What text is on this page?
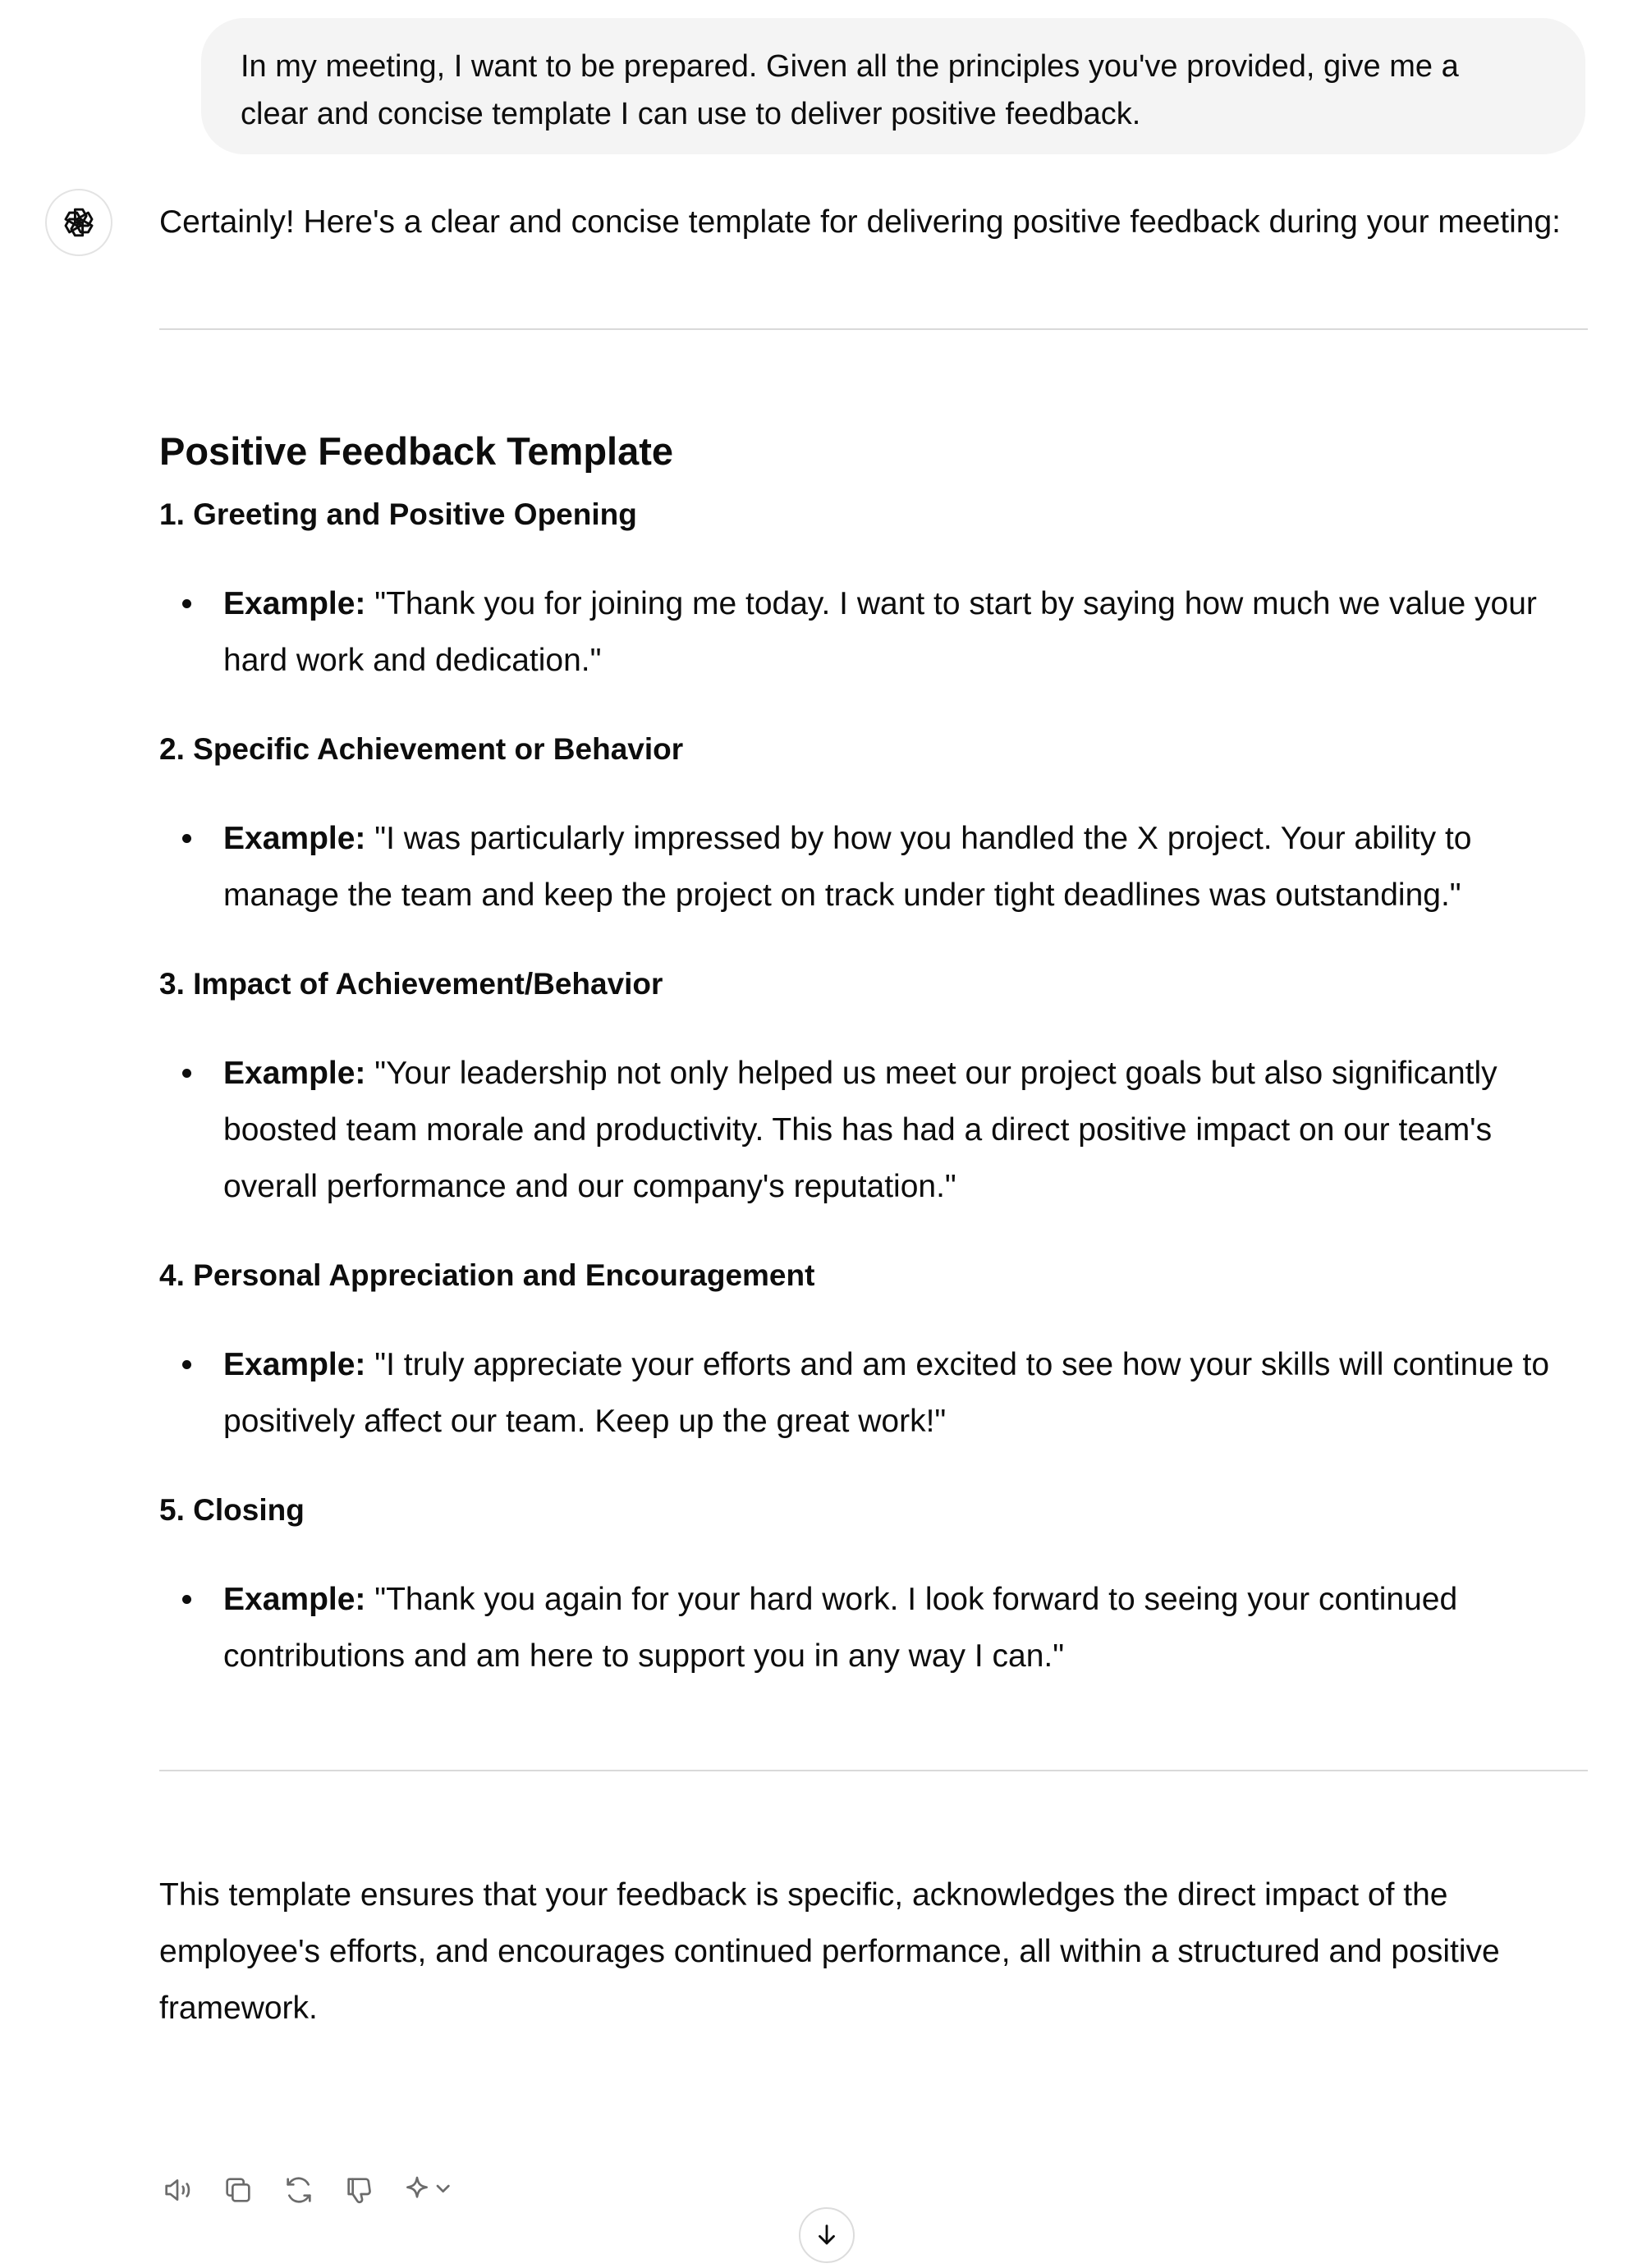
In my meeting, I want to be prepared. Given all the principles you've provided, give me a
clear and concise template I can use to deliver positive feedback.

Certainly! Here's a clear and concise template for delivering positive feedback during your meeting:

Positive Feedback Template

1. Greeting and Positive Opening

Example: "Thank you for joining me today. I want to start by saying how much we value your hard work and dedication."

2. Specific Achievement or Behavior

Example: "I was particularly impressed by how you handled the X project. Your ability to manage the team and keep the project on track under tight deadlines was outstanding."

3. Impact of Achievement/Behavior

Example: "Your leadership not only helped us meet our project goals but also significantly boosted team morale and productivity. This has had a direct positive impact on our team's overall performance and our company's reputation."

4. Personal Appreciation and Encouragement

Example: "I truly appreciate your efforts and am excited to see how your skills will continue to positively affect our team. Keep up the great work!"

5. Closing

Example: "Thank you again for your hard work. I look forward to seeing your continued contributions and am here to support you in any way I can."

This template ensures that your feedback is specific, acknowledges the direct impact of the employee's efforts, and encourages continued performance, all within a structured and positive framework.
